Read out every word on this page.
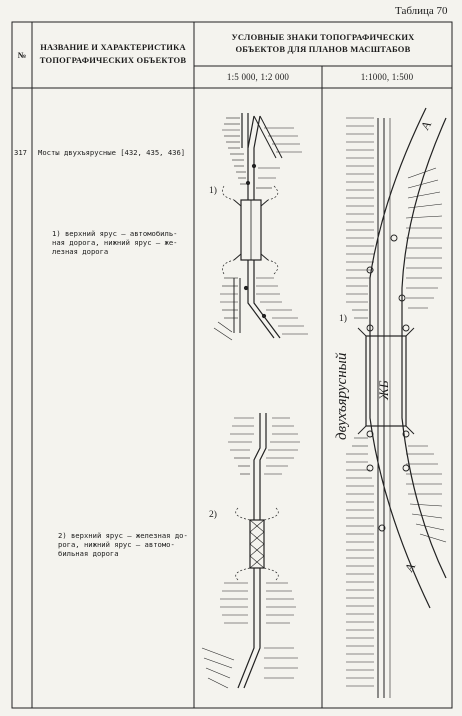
Таблица 70
№
НАЗВАНИЕ И ХАРАКТЕРИСТИКА
ТОПОГРАФИЧЕСКИХ ОБЪЕКТОВ
УСЛОВНЫЕ ЗНАКИ ТОПОГРАФИЧЕСКИХ
ОБЪЕКТОВ ДЛЯ ПЛАНОВ МАСШТАБОВ
1:5 000, 1:2 000	1:1000, 1:500
317 Мосты двухъярусные [432, 435, 436]
1) верхний ярус — автомобиль-
ная дорога, нижний ярус — же-
лезная дорога
2) верхний ярус — железная до-
рога, нижний ярус — автомо-
бильная дорога
1)
2)
1)
двухъярусный ЖБ
А
А
